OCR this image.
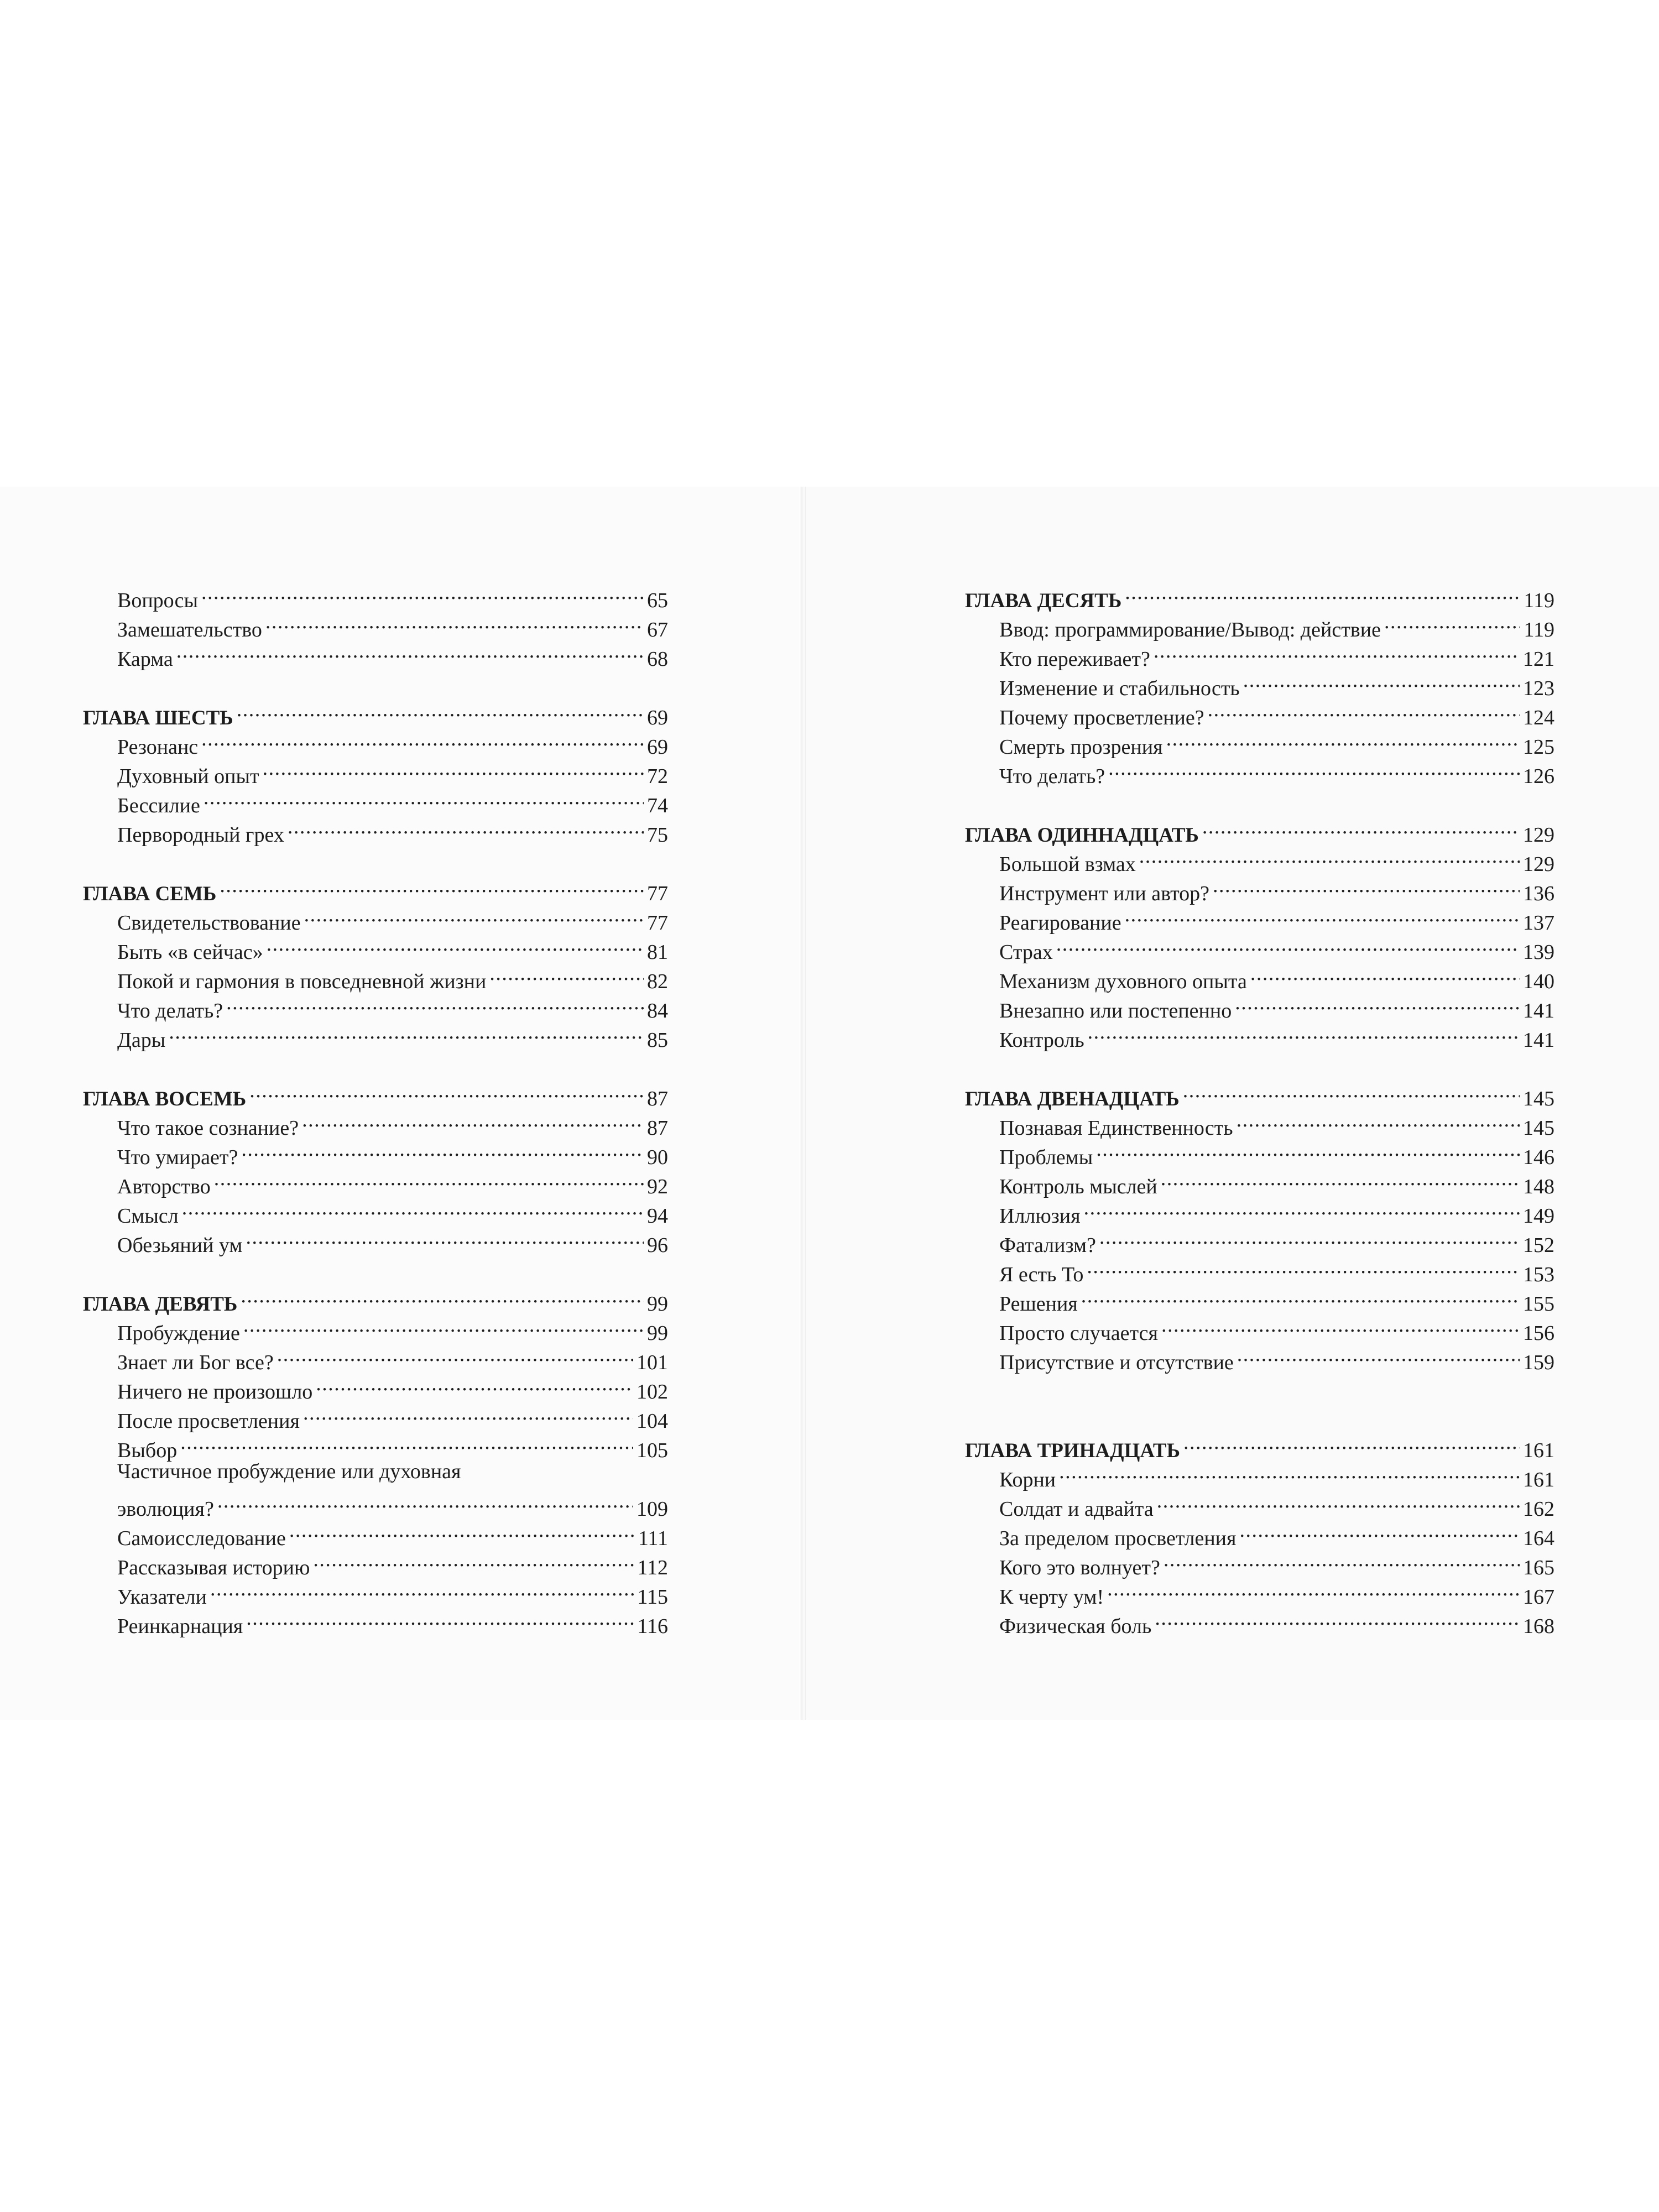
Вопросы . . .	65
Замешательство . . .	67
Карма . . .	68
ГЛАВА ШЕСТЬ . . .	69
Резонанс . . .	69
Духовный опыт . . .	72
Бессилие . . .	74
Первородный грех . . .	75
ГЛАВА СЕМЬ . . .	77
Свидетельствование . . .	77
Быть «в сейчас» . . .	81
Покой и гармония в повседневной жизни . . .	82
Что делать? . . .	84
Дары . . .	85
ГЛАВА ВОСЕМЬ . . .	87
Что такое сознание? . . .	87
Что умирает? . . .	90
Авторство . . .	92
Смысл . . .	94
Обезьяний ум . . .	96
ГЛАВА ДЕВЯТЬ . . .	99
Пробуждение . . .	99
Знает ли Бог все? . . .	101
Ничего не произошло . . .	102
После просветления . . .	104
Выбор . . .	105
Частичное пробуждение или духовная
эволюция? . . .	109
Самоисследование . . .	111
Рассказывая историю . . .	112
Указатели . . .	115
Реинкарнация . . .	116
ГЛАВА ДЕСЯТЬ . . .	119
Ввод: программирование/Вывод: действие . . .	119
Кто переживает? . . .	121
Изменение и стабильность . . .	123
Почему просветление? . . .	124
Смерть прозрения . . .	125
Что делать? . . .	126
ГЛАВА ОДИННАДЦАТЬ . . .	129
Большой взмах . . .	129
Инструмент или автор? . . .	136
Реагирование . . .	137
Страх . . .	139
Механизм духовного опыта . . .	140
Внезапно или постепенно . . .	141
Контроль . . .	141
ГЛАВА ДВЕНАДЦАТЬ . . .	145
Познавая Единственность . . .	145
Проблемы . . .	146
Контроль мыслей . . .	148
Иллюзия . . .	149
Фатализм? . . .	152
Я есть То . . .	153
Решения . . .	155
Просто случается . . .	156
Присутствие и отсутствие . . .	159
ГЛАВА ТРИНАДЦАТЬ . . .	161
Корни . . .	161
Солдат и адвайта . . .	162
За пределом просветления . . .	164
Кого это волнует? . . .	165
К черту ум! . . .	167
Физическая боль . . .	168
